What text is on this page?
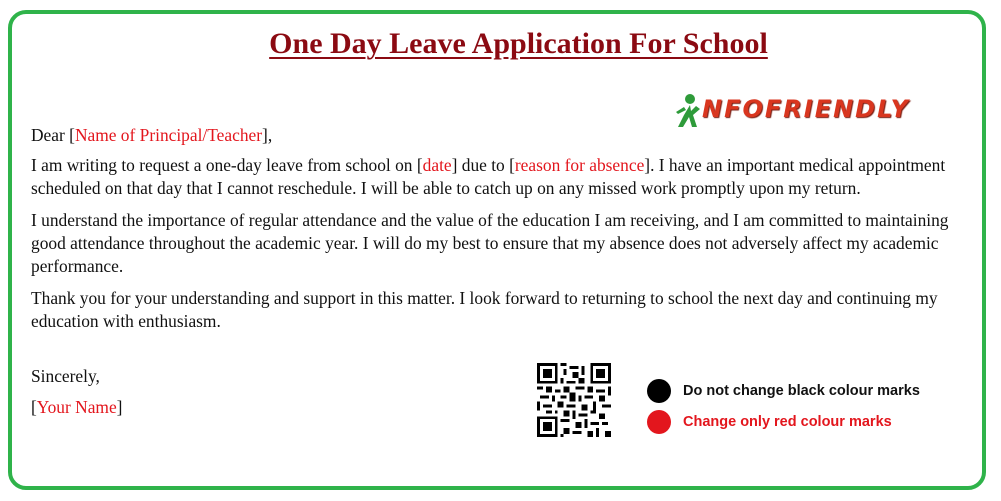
One Day Leave Application For School
NFOFRIENDLY

Dear [Name of Principal/Teacher],

I am writing to request a one-day leave from school on [date] due to [reason for absence]. I have an important medical appointment scheduled on that day that I cannot reschedule. I will be able to catch up on any missed work promptly upon my return.

I understand the importance of regular attendance and the value of the education I am receiving, and I am committed to maintaining good attendance throughout the academic year. I will do my best to ensure that my absence does not adversely affect my academic performance.

Thank you for your understanding and support in this matter. I look forward to returning to school the next day and continuing my education with enthusiasm.

Sincerely,
[Your Name]
Do not change black colour marks
Change only red colour marks
